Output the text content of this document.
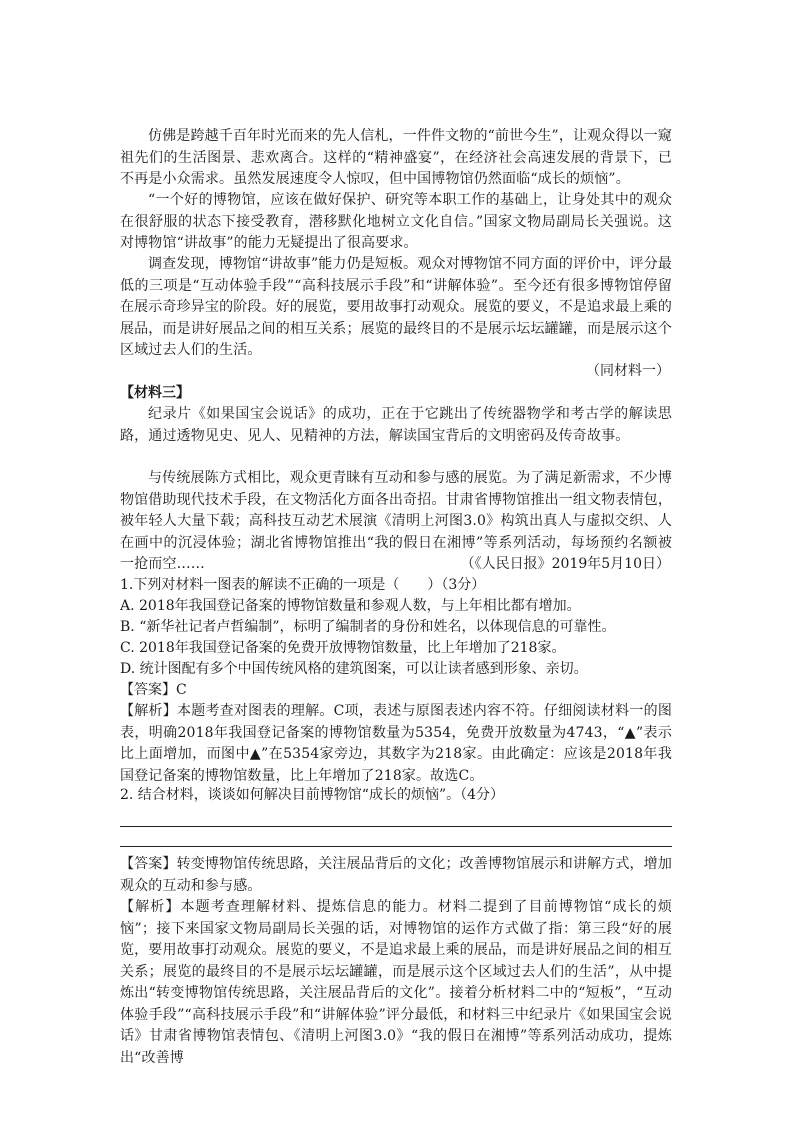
仿佛是跨越千百年时光而来的先人信札，一件件文物的“前世今生”，让观众得以一窥祖先们的生活图景、悲欢离合。这样的“精神盛宴”，在经济社会高速发展的背景下，已不再是小众需求。虽然发展速度令人惊叹，但中国博物馆仍然面临“成长的烦恼”。

“一个好的博物馆，应该在做好保护、研究等本职工作的基础上，让身处其中的观众在很舒服的状态下接受教育，潜移默化地树立文化自信。”国家文物局副局长关强说。这对博物馆“讲故事”的能力无疑提出了很高要求。

调查发现，博物馆“讲故事”能力仍是短板。观众对博物馆不同方面的评价中，评分最低的三项是“互动体验手段”“高科技展示手段”和“讲解体验”。至今还有很多博物馆停留在展示奇珍异宝的阶段。好的展览，要用故事打动观众。展览的要义，不是追求最上乘的展品，而是讲好展品之间的相互关系；展览的最终目的不是展示坛坛罐罐，而是展示这个区域过去人们的生活。

（同材料一）

【材料三】

纪录片《如果国宝会说话》的成功，正在于它跳出了传统器物学和考古学的解读思路，通过透物见史、见人、见精神的方法，解读国宝背后的文明密码及传奇故事。

与传统展陈方式相比，观众更青睐有互动和参与感的展览。为了满足新需求，不少博物馆借助现代技术手段，在文物活化方面各出奇招。甘肃省博物馆推出一组文物表情包，被年轻人大量下载；高科技互动艺术展演《清明上河图3.0》构筑出真人与虚拟交织、人在画中的沉浸体验；湖北省博物馆推出“我的假日在湘博”等系列活动，每场预约名额被一抢而空……	（《人民日报》2019年5月10日）

1.下列对材料一图表的解读不正确的一项是（　　）（3分）

A. 2018年我国登记备案的博物馆数量和参观人数，与上年相比都有增加。

B. “新华社记者卢哲编制”，标明了编制者的身份和姓名，以体现信息的可靠性。

C. 2018年我国登记备案的免费开放博物馆数量，比上年增加了218家。

D. 统计图配有多个中国传统风格的建筑图案，可以让读者感到形象、亲切。

【答案】C

【解析】本题考查对图表的理解。C项，表述与原图表述内容不符。仔细阅读材料一的图表，明确2018年我国登记备案的博物馆数量为5354，免费开放数量为4743，“▲”表示比上面增加，而图中▲”在5354家旁边，其数字为218家。由此确定：应该是2018年我国登记备案的博物馆数量，比上年增加了218家。故选C。

2. 结合材料，谈谈如何解决目前博物馆“成长的烦恼”。（4分）

【答案】转变博物馆传统思路，关注展品背后的文化；改善博物馆展示和讲解方式，增加观众的互动和参与感。

【解析】本题考查理解材料、提炼信息的能力。材料二提到了目前博物馆“成长的烦恼”；接下来国家文物局副局长关强的话，对博物馆的运作方式做了指：第三段“好的展览，要用故事打动观众。展览的要义，不是追求最上乘的展品，而是讲好展品之间的相互关系；展览的最终目的不是展示坛坛罐罐，而是展示这个区域过去人们的生活”，从中提炼出“转变博物馆传统思路，关注展品背后的文化”。接着分析材料二中的“短板”，“互动体验手段”“高科技展示手段”和“讲解体验”评分最低，和材料三中纪录片《如果国宝会说话》甘肃省博物馆表情包、《清明上河图3.0》“我的假日在湘博”等系列活动成功，提炼出“改善博
